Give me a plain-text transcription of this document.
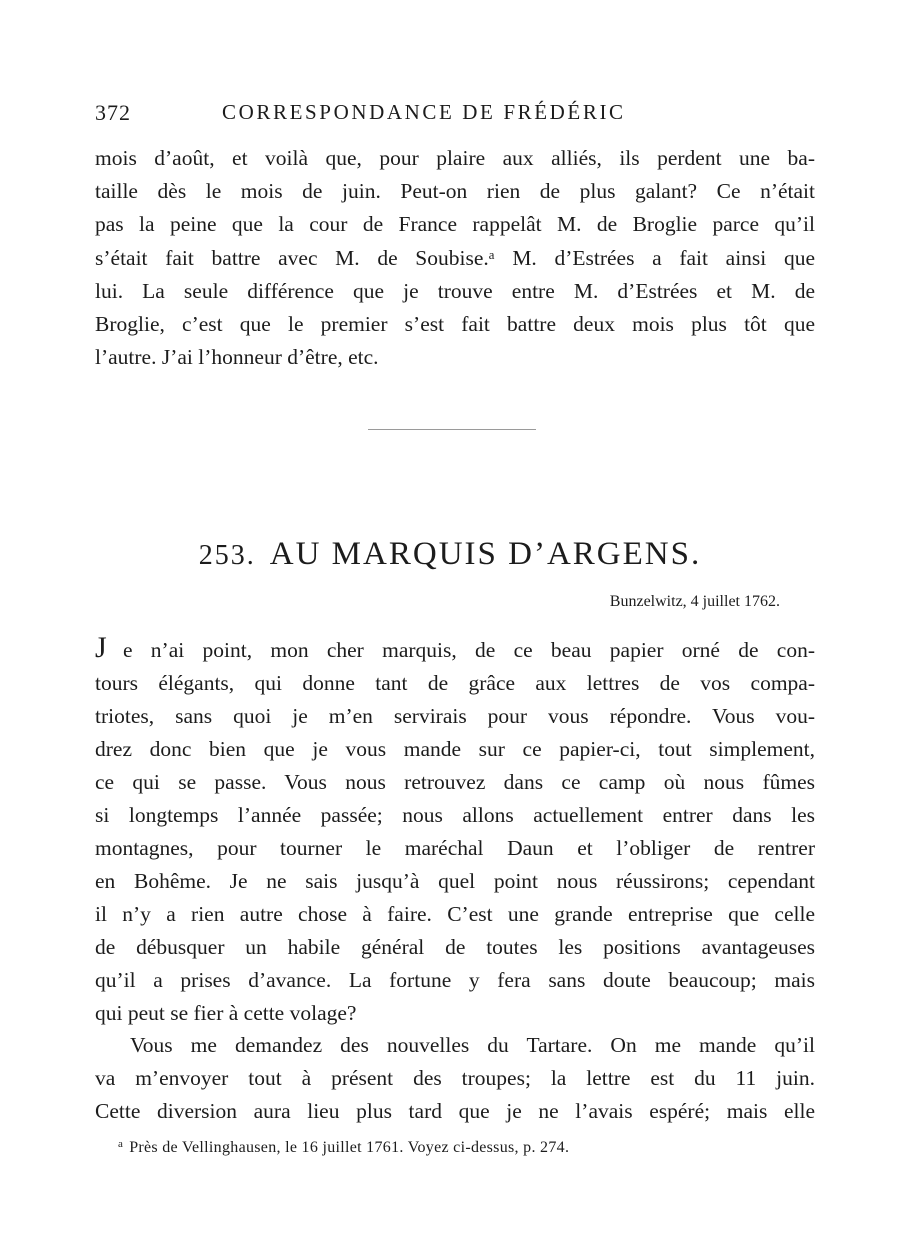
372	CORRESPONDANCE DE FRÉDÉRIC
mois d’août, et voilà que, pour plaire aux alliés, ils perdent une ba-
taille dès le mois de juin. Peut-on rien de plus galant? Ce n’était
pas la peine que la cour de France rappelât M. de Broglie parce qu’il
s’était fait battre avec M. de Soubise.ᵃ M. d’Estrées a fait ainsi que
lui. La seule différence que je trouve entre M. d’Estrées et M. de
Broglie, c’est que le premier s’est fait battre deux mois plus tôt que
l’autre. J’ai l’honneur d’être, etc.
253. AU MARQUIS D’ARGENS.
Bunzelwitz, 4 juillet 1762.
J e n’ai point, mon cher marquis, de ce beau papier orné de con-
tours élégants, qui donne tant de grâce aux lettres de vos compa-
triotes, sans quoi je m’en servirais pour vous répondre. Vous vou-
drez donc bien que je vous mande sur ce papier-ci, tout simplement,
ce qui se passe. Vous nous retrouvez dans ce camp où nous fûmes
si longtemps l’année passée; nous allons actuellement entrer dans les
montagnes, pour tourner le maréchal Daun et l’obliger de rentrer
en Bohême. Je ne sais jusqu’à quel point nous réussirons; cependant
il n’y a rien autre chose à faire. C’est une grande entreprise que celle
de débusquer un habile général de toutes les positions avantageuses
qu’il a prises d’avance. La fortune y fera sans doute beaucoup; mais
qui peut se fier à cette volage?
Vous me demandez des nouvelles du Tartare. On me mande qu’il
va m’envoyer tout à présent des troupes; la lettre est du 11 juin.
Cette diversion aura lieu plus tard que je ne l’avais espéré; mais elle
$^a$ Près de Vellinghausen, le 16 juillet 1761. Voyez ci-dessus, p. 274.
